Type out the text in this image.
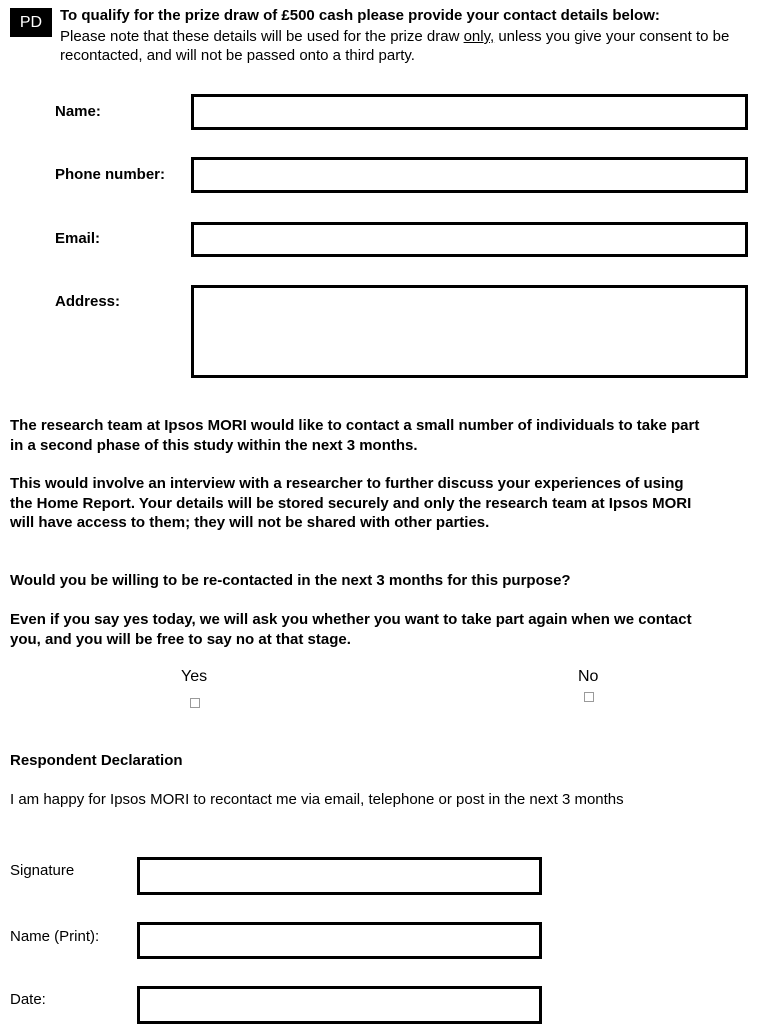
PD	To qualify for the prize draw of £500 cash please provide your contact details below:
Please note that these details will be used for the prize draw only, unless you give your consent to be recontacted, and will not be passed onto a third party.
Name:
Phone number:
Email:
Address:
The research team at Ipsos MORI would like to contact a small number of individuals to take part in a second phase of this study within the next 3 months.
This would involve an interview with a researcher to further discuss your experiences of using the Home Report. Your details will be stored securely and only the research team at Ipsos MORI will have access to them; they will not be shared with other parties.
Would you be willing to be re-contacted in the next 3 months for this purpose?
Even if you say yes today, we will ask you whether you want to take part again when we contact you, and you will be free to say no at that stage.
Yes	No
Respondent Declaration
I am happy for Ipsos MORI to recontact me via email, telephone or post in the next 3 months
Signature
Name (Print):
Date:
